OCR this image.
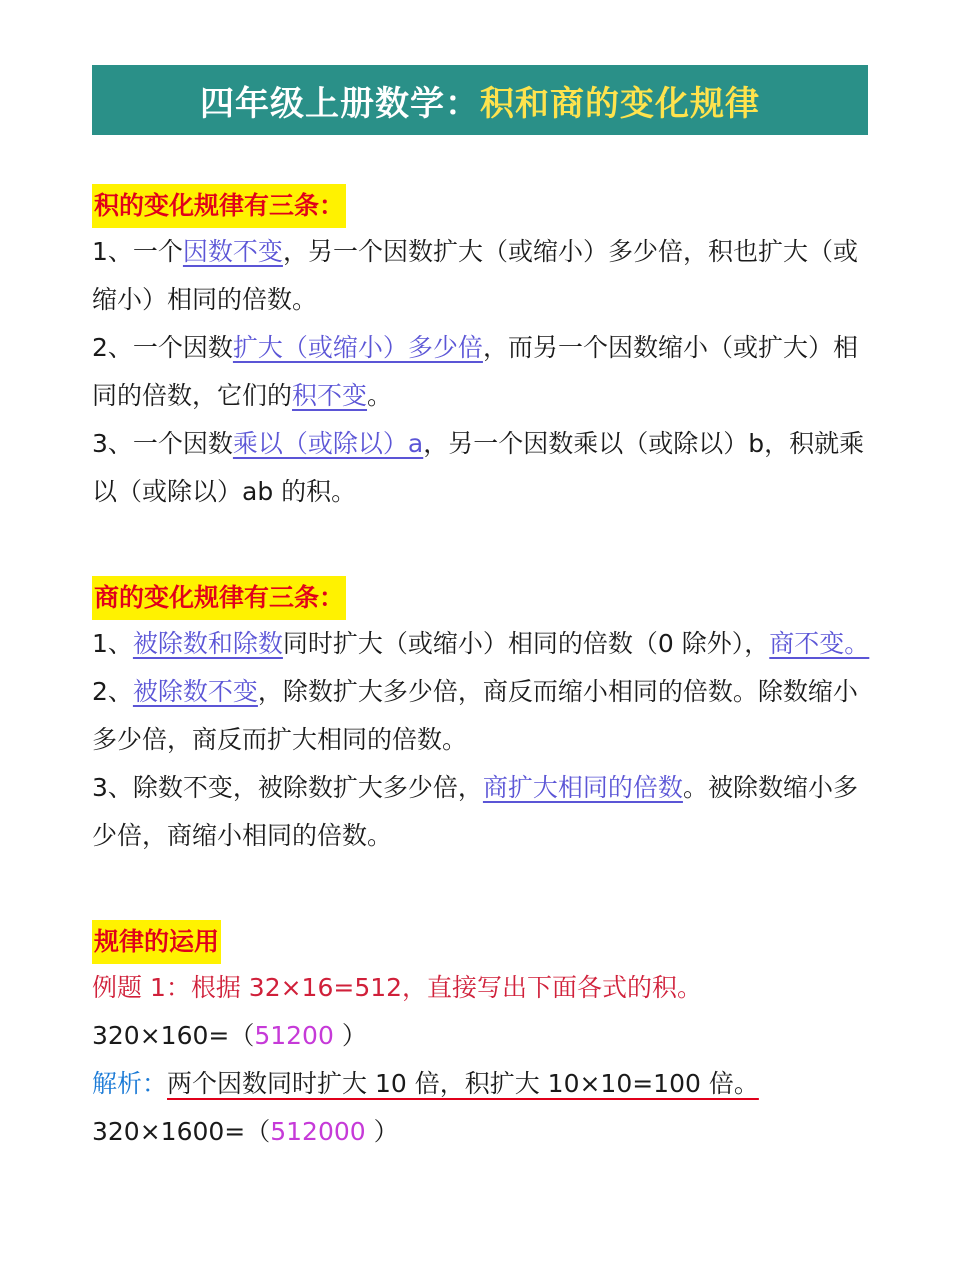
四年级上册数学： 积和商的变化规律
积的变化规律有三条：

1、一个因数不变，另一个因数扩大（或缩小）多少倍，积也扩大（或缩小）相同的倍数。

2、一个因数扩大（或缩小）多少倍，而另一个因数缩小（或扩大）相同的倍数，它们的积不变。

3、一个因数乘以（或除以）a，另一个因数乘以（或除以）b，积就乘以（或除以）ab 的积。

商的变化规律有三条：

1、被除数和除数同时扩大（或缩小）相同的倍数（0 除外），商不变。

2、被除数不变，除数扩大多少倍，商反而缩小相同的倍数。除数缩小多少倍，商反而扩大相同的倍数。

3、除数不变，被除数扩大多少倍，商扩大相同的倍数。被除数缩小多少倍，商缩小相同的倍数。

规律的运用
例题 1：根据 32×16=512，直接写出下面各式的积。

320×160=（51200 ）

解析：两个因数同时扩大 10 倍，积扩大 10×10=100 倍。

320×1600=（512000 ）
